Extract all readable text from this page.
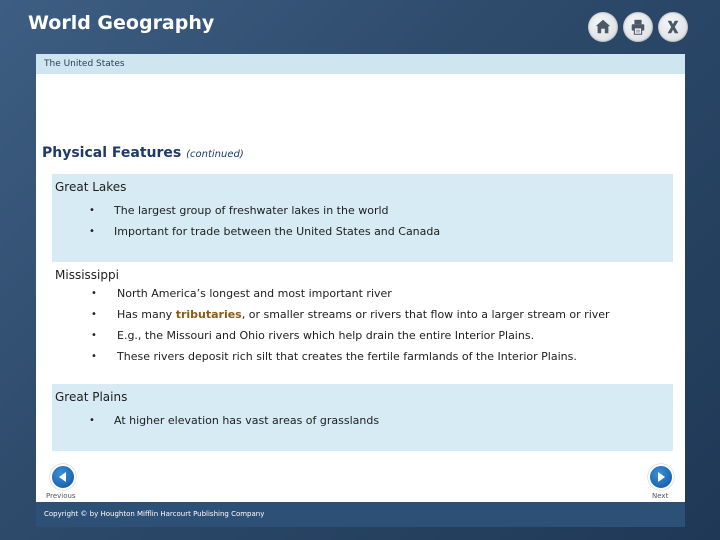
World Geography
The United States
Physical Features (continued)
Great Lakes
• The largest group of freshwater lakes in the world
• Important for trade between the United States and Canada
Mississippi
• North America’s longest and most important river
• Has many tributaries, or smaller streams or rivers that flow into a larger stream or river
• E.g., the Missouri and Ohio rivers which help drain the entire Interior Plains.
• These rivers deposit rich silt that creates the fertile farmlands of the Interior Plains.
Great Plains
• At higher elevation has vast areas of grasslands
Previous	Next
Copyright © by Houghton Mifflin Harcourt Publishing Company
